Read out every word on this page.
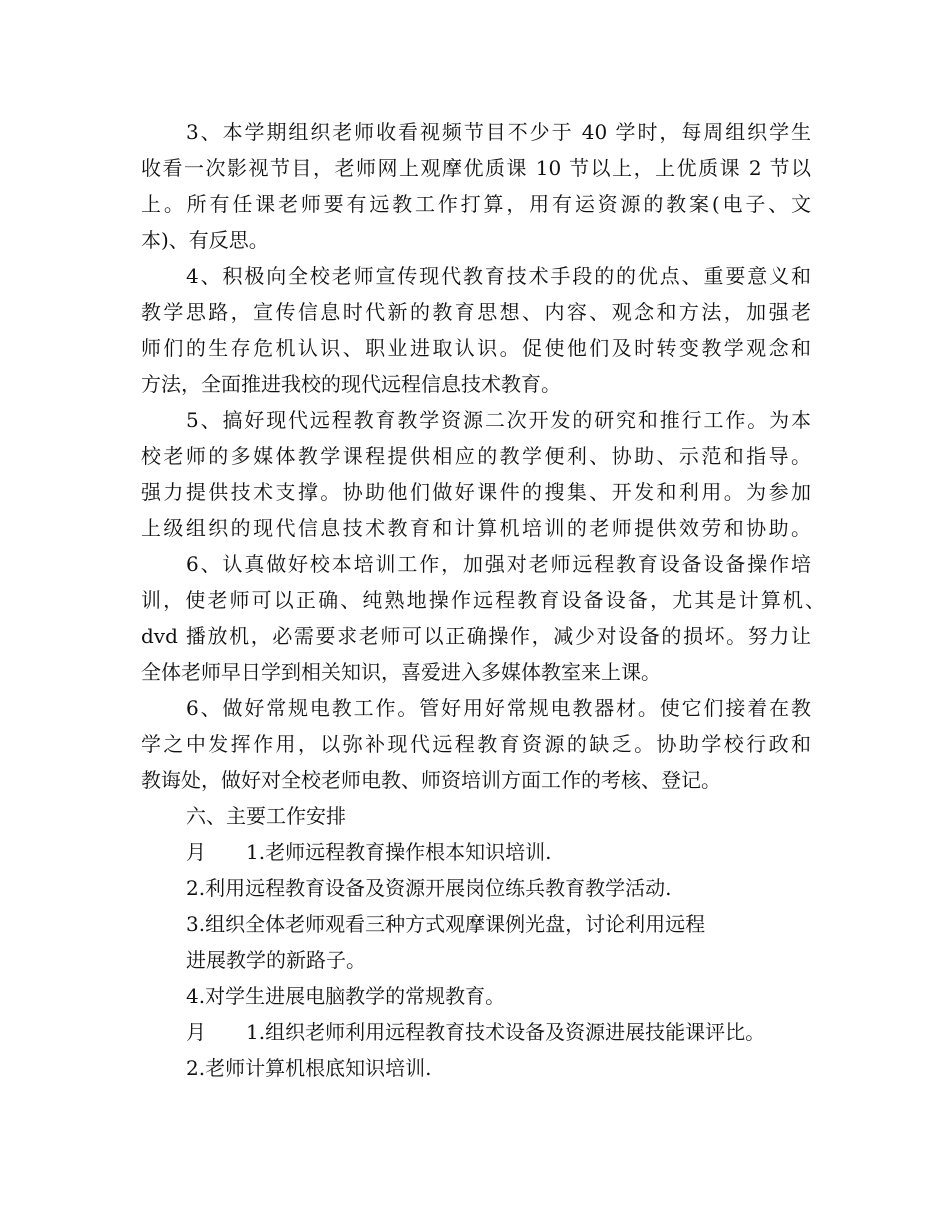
3、本学期组织老师收看视频节目不少于 40 学时，每周组织学生
收看一次影视节目，老师网上观摩优质课 10 节以上，上优质课 2 节以
上。所有任课老师要有远教工作打算，用有运资源的教案(电子、文
本)、有反思。
4、积极向全校老师宣传现代教育技术手段的的优点、重要意义和
教学思路，宣传信息时代新的教育思想、内容、观念和方法，加强老
师们的生存危机认识、职业进取认识。促使他们及时转变教学观念和
方法，全面推进我校的现代远程信息技术教育。
5、搞好现代远程教育教学资源二次开发的研究和推行工作。为本
校老师的多媒体教学课程提供相应的教学便利、协助、示范和指导。
强力提供技术支撑。协助他们做好课件的搜集、开发和利用。为参加
上级组织的现代信息技术教育和计算机培训的老师提供效劳和协助。
6、认真做好校本培训工作，加强对老师远程教育设备设备操作培
训，使老师可以正确、纯熟地操作远程教育设备设备，尤其是计算机、
dvd 播放机，必需要求老师可以正确操作，减少对设备的损坏。努力让
全体老师早日学到相关知识，喜爱进入多媒体教室来上课。
6、做好常规电教工作。管好用好常规电教器材。使它们接着在教
学之中发挥作用，以弥补现代远程教育资源的缺乏。协助学校行政和
教诲处，做好对全校老师电教、师资培训方面工作的考核、登记。
六、主要工作安排
月　　1.老师远程教育操作根本知识培训.
2.利用远程教育设备及资源开展岗位练兵教育教学活动.
3.组织全体老师观看三种方式观摩课例光盘，讨论利用远程
进展教学的新路子。
4.对学生进展电脑教学的常规教育。
月　　1.组织老师利用远程教育技术设备及资源进展技能课评比。
2.老师计算机根底知识培训.
